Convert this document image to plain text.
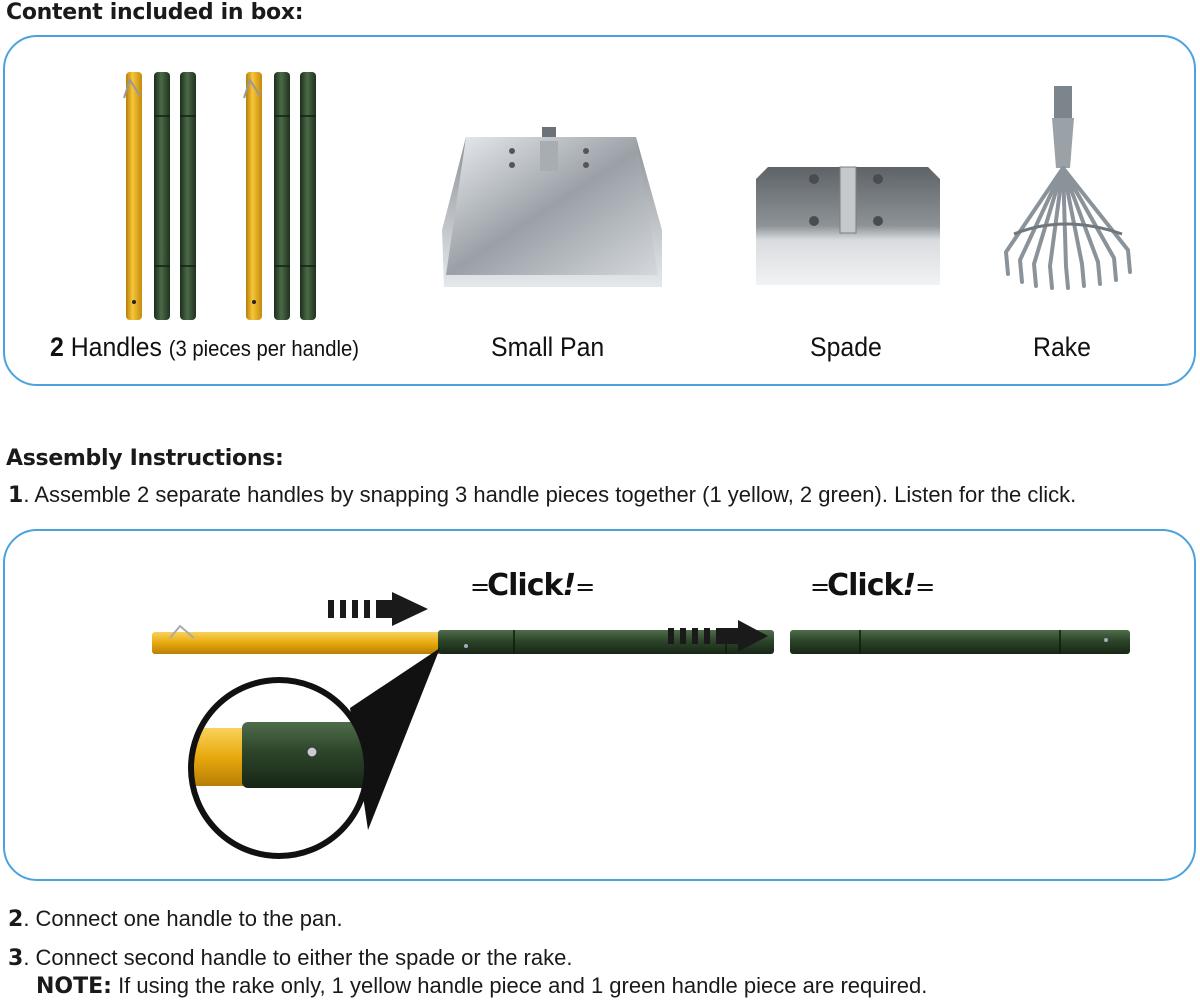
Content included in box:
2 Handles (3 pieces per handle)	Small Pan	Spade	Rake
Assembly Instructions:
1. Assemble 2 separate handles by snapping 3 handle pieces together (1 yellow, 2 green). Listen for the click.
=Click!=	=Click!=
2. Connect one handle to the pan.
3. Connect second handle to either the spade or the rake.
NOTE: If using the rake only, 1 yellow handle piece and 1 green handle piece are required.
